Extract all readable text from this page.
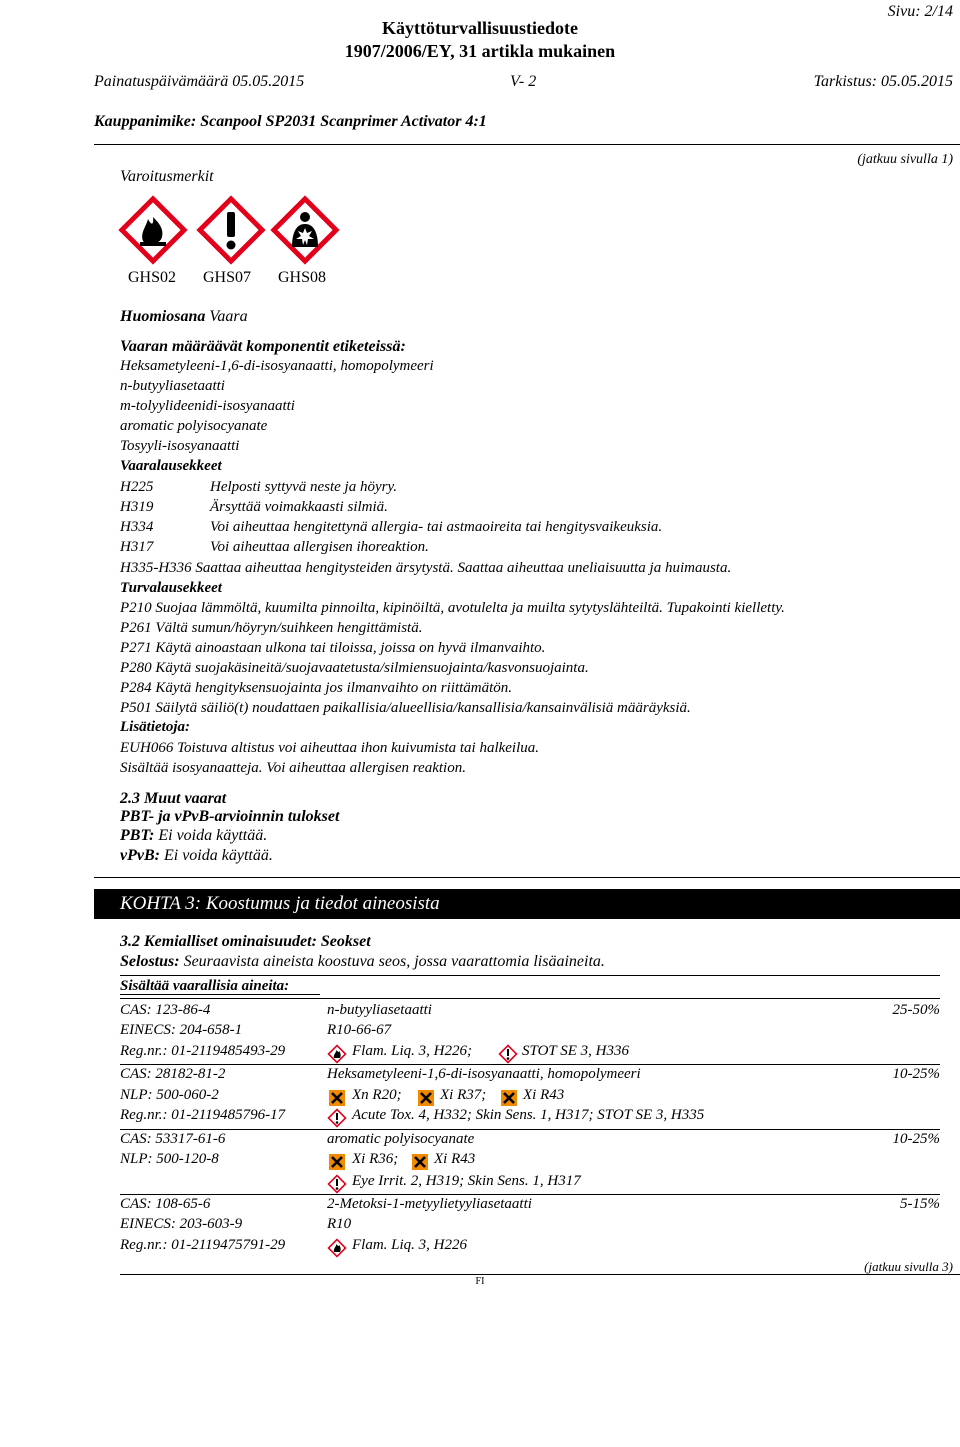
Sivu: 2/14
Käyttöturvallisuustiedote
1907/2006/EY, 31 artikla mukainen
Painatuspäivämäärä 05.05.2015	V- 2	Tarkistus: 05.05.2015
Kauppanimike: Scanpool SP2031 Scanprimer Activator 4:1
(jatkuu sivulla 1)
Varoitusmerkit
GHS02 GHS07 GHS08
Huomiosana Vaara
Vaaran määräävät komponentit etiketeissä:
Heksametyleeni-1,6-di-isosyanaatti, homopolymeeri
n-butyyliasetaatti
m-tolyylideenidi-isosyanaatti
aromatic polyisocyanate
Tosyyli-isosyanaatti
Vaaralausekkeet
H225	Helposti syttyvä neste ja höyry.
H319	Ärsyttää voimakkaasti silmiä.
H334	Voi aiheuttaa hengitettynä allergia- tai astmaoireita tai hengitysvaikeuksia.
H317	Voi aiheuttaa allergisen ihoreaktion.
H335-H336 Saattaa aiheuttaa hengitysteiden ärsytystä. Saattaa aiheuttaa uneliaisuutta ja huimausta.
Turvalausekkeet
P210 Suojaa lämmöltä, kuumilta pinnoilta, kipinöiltä, avotulelta ja muilta sytytyslähteiltä. Tupakointi kielletty.
P261 Vältä sumun/höyryn/suihkeen hengittämistä.
P271 Käytä ainoastaan ulkona tai tiloissa, joissa on hyvä ilmanvaihto.
P280 Käytä suojakäsineitä/suojavaatetusta/silmiensuojainta/kasvonsuojainta.
P284 Käytä hengityksensuojainta jos ilmanvaihto on riittämätön.
P501 Säilytä säiliö(t) noudattaen paikallisia/alueellisia/kansallisia/kansainvälisiä määräyksiä.
Lisätietoja:
EUH066 Toistuva altistus voi aiheuttaa ihon kuivumista tai halkeilua.
Sisältää isosyanaatteja. Voi aiheuttaa allergisen reaktion.
2.3 Muut vaarat
PBT- ja vPvB-arvioinnin tulokset
PBT: Ei voida käyttää.
vPvB: Ei voida käyttää.
KOHTA 3: Koostumus ja tiedot aineosista
3.2 Kemialliset ominaisuudet: Seokset
Selostus: Seuraavista aineista koostuva seos, jossa vaarattomia lisäaineita.
Sisältää vaarallisia aineita:
CAS: 123-86-4
EINECS: 204-658-1
Reg.nr.: 01-2119485493-29
n-butyyliasetaatti
R10-66-67
Flam. Liq. 3, H226;	STOT SE 3, H336
25-50%
CAS: 28182-81-2
NLP: 500-060-2
Reg.nr.: 01-2119485796-17
Heksametyleeni-1,6-di-isosyanaatti, homopolymeeri
Xn R20;	Xi R37; Xi R43
Acute Tox. 4, H332; Skin Sens. 1, H317; STOT SE 3, H335
10-25%
CAS: 53317-61-6
NLP: 500-120-8
aromatic polyisocyanate
Xi R36; Xi R43
Eye Irrit. 2, H319; Skin Sens. 1, H317
10-25%
CAS: 108-65-6
EINECS: 203-603-9
Reg.nr.: 01-2119475791-29
2-Metoksi-1-metyylietyyliasetaatti
R10
Flam. Liq. 3, H226
5-15%
(jatkuu sivulla 3)
FI
